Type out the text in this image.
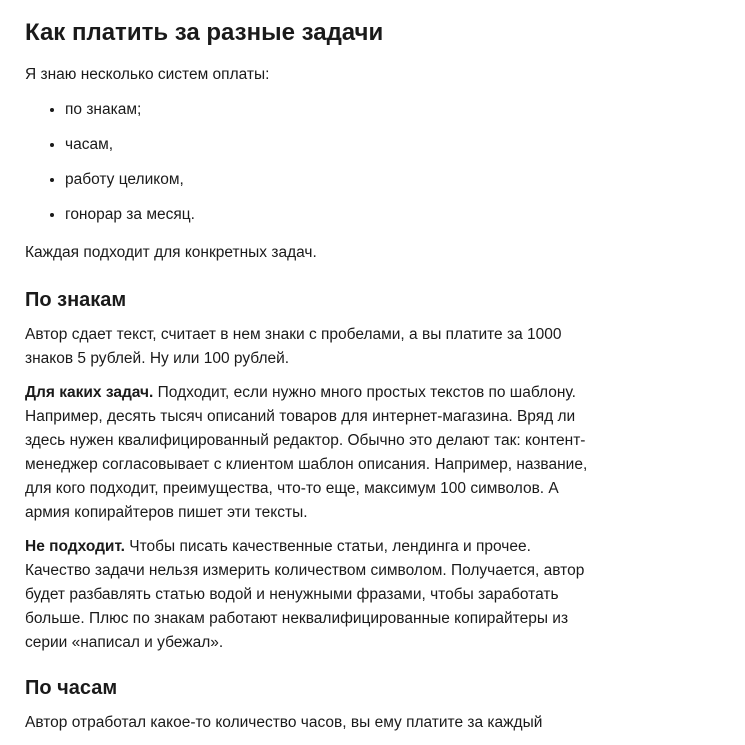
Как платить за разные задачи

Я знаю несколько систем оплаты:

• по знакам;
• часам,
• работу целиком,
• гонорар за месяц.

Каждая подходит для конкретных задач.

По знакам

Автор сдает текст, считает в нем знаки с пробелами, а вы платите за 1000 знаков 5 рублей. Ну или 100 рублей.

Для каких задач. Подходит, если нужно много простых текстов по шаблону. Например, десять тысяч описаний товаров для интернет-магазина. Вряд ли здесь нужен квалифицированный редактор. Обычно это делают так: контент-менеджер согласовывает с клиентом шаблон описания. Например, название, для кого подходит, преимущества, что-то еще, максимум 100 символов. А армия копирайтеров пишет эти тексты.

Не подходит. Чтобы писать качественные статьи, лендинга и прочее. Качество задачи нельзя измерить количеством символом. Получается, автор будет разбавлять статью водой и ненужными фразами, чтобы заработать больше. Плюс по знакам работают неквалифицированные копирайтеры из серии «написал и убежал».

По часам

Автор отработал какое-то количество часов, вы ему платите за каждый
